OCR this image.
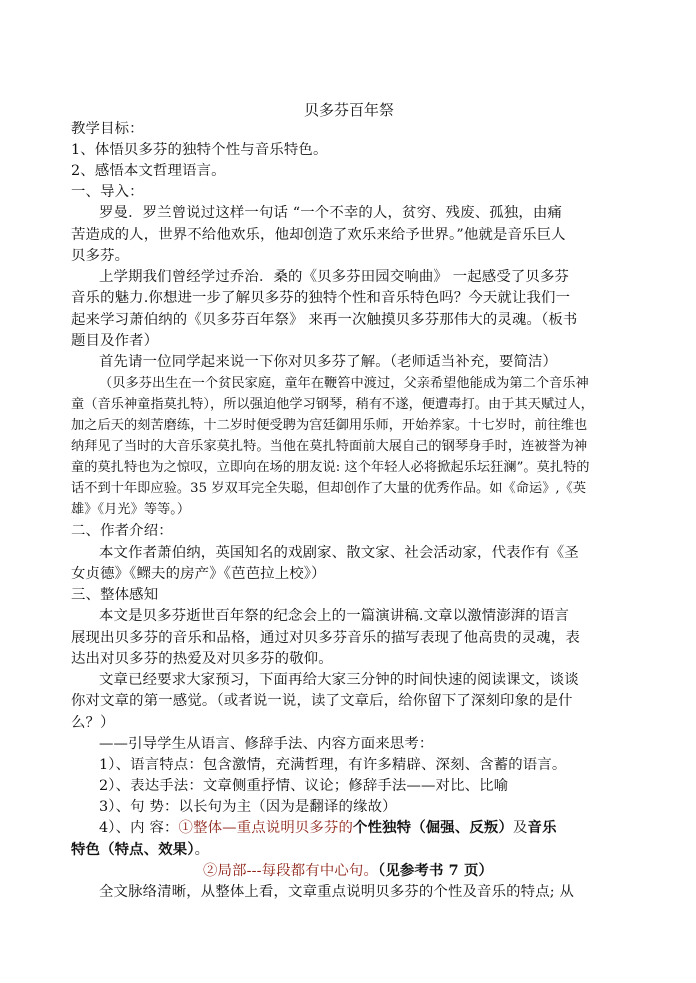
贝多芬百年祭
教学目标：
1、体悟贝多芬的独特个性与音乐特色。
2、感悟本文哲理语言。
一、导入：
罗曼．罗兰曾说过这样一句话 “一个不幸的人，贫穷、残废、孤独，由痛
苦造成的人，世界不给他欢乐，他却创造了欢乐来给予世界。”他就是音乐巨人
贝多芬。
上学期我们曾经学过乔治．桑的《贝多芬田园交响曲》 一起感受了贝多芬
音乐的魅力.你想进一步了解贝多芬的独特个性和音乐特色吗？今天就让我们一
起来学习萧伯纳的《贝多芬百年祭》 来再一次触摸贝多芬那伟大的灵魂。（板书
题目及作者）
首先请一位同学起来说一下你对贝多芬了解。（老师适当补充，要简洁）
（贝多芬出生在一个贫民家庭，童年在鞭笞中渡过，父亲希望他能成为第二个音乐神
童（音乐神童指莫扎特），所以强迫他学习钢琴，稍有不遂，便遭毒打。由于其天赋过人，
加之后天的刻苦磨练，十二岁时便受聘为宫廷御用乐师，开始养家。十七岁时，前往维也
纳拜见了当时的大音乐家莫扎特。当他在莫扎特面前大展自己的钢琴身手时，连被誉为神
童的莫扎特也为之惊叹，立即向在场的朋友说: 这个年轻人必将掀起乐坛狂澜”。莫扎特的
话不到十年即应验。35 岁双耳完全失聪，但却创作了大量的优秀作品。如《命运》,《英
雄》《月光》等等。）
二、作者介绍：
本文作者萧伯纳，英国知名的戏剧家、散文家、社会活动家，代表作有《圣
女贞德》《鳏夫的房产》《芭芭拉上校》）
三、整体感知
本文是贝多芬逝世百年祭的纪念会上的一篇演讲稿.文章以激情澎湃的语言
展现出贝多芬的音乐和品格，通过对贝多芬音乐的描写表现了他高贵的灵魂，表
达出对贝多芬的热爱及对贝多芬的敬仰。
文章已经要求大家预习，下面再给大家三分钟的时间快速的阅读课文，谈谈
你对文章的第一感觉。（或者说一说，读了文章后，给你留下了深刻印象的是什
么？）
——引导学生从语言、修辞手法、内容方面来思考：
1）、语言特点：包含激情，充满哲理，有许多精辟、深刻、含蓄的语言。
2）、表达手法：文章侧重抒情、议论；修辞手法——对比、比喻
3）、句 势：以长句为主（因为是翻译的缘故）
4）、内 容：①整体—重点说明贝多芬的个性独特（倔强、反叛）及音乐
特色（特点、效果）。
②局部---每段都有中心句。（见参考书 7 页）
全文脉络清晰，从整体上看，文章重点说明贝多芬的个性及音乐的特点; 从
